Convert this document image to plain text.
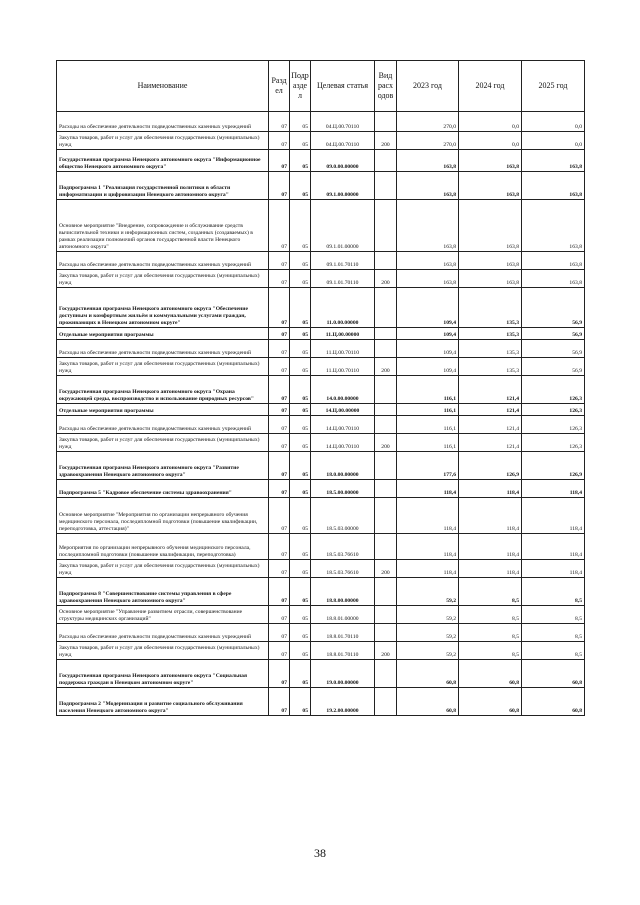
Наименование	Разд ел	Подр азде л	Целевая статья	Вид расх одов	2023 год	2024 год	2025 год
Расходы на обеспечение деятельности подведомственных казенных учреждений	07	05	04.Ц.00.70110		270,0	0,0	0,0
Закупка товаров, работ и услуг для обеспечения государственных (муниципальных) нужд	07	05	04.Ц.00.70110	200	270,0	0,0	0,0
Государственная программа Ненецкого автономного округа "Информационное общество Ненецкого автономного округа"	07	05	09.0.00.00000		163,8	163,8	163,8
Подпрограмма 1 "Реализация государственной политики в области информатизации и цифровизации Ненецкого автономного округа"	07	05	09.1.00.00000		163,8	163,8	163,8
Основное мероприятие "Внедрение, сопровождение и обслуживание средств вычислительной техники и информационных систем, созданных (создаваемых) в рамках реализации полномочий органов государственной власти Ненецкого автономного округа"	07	05	09.1.01.00000		163,8	163,8	163,8
Расходы на обеспечение деятельности подведомственных казенных учреждений	07	05	09.1.01.70110		163,8	163,8	163,8
Закупка товаров, работ и услуг для обеспечения государственных (муниципальных) нужд	07	05	09.1.01.70110	200	163,8	163,8	163,8
Государственная программа Ненецкого автономного округа "Обеспечение доступным и комфортным жильём и коммунальными услугами граждан, проживающих в Ненецком автономном округе"	07	05	11.0.00.00000		109,4	135,3	56,9
Отдельные мероприятия программы	07	05	11.Ц.00.00000		109,4	135,3	56,9
Расходы на обеспечение деятельности подведомственных казенных учреждений	07	05	11.Ц.00.70110		109,4	135,3	56,9
Закупка товаров, работ и услуг для обеспечения государственных (муниципальных) нужд	07	05	11.Ц.00.70110	200	109,4	135,3	56,9
Государственная программа Ненецкого автономного округа "Охрана окружающей среды, воспроизводство и использование природных ресурсов"	07	05	14.0.00.00000		116,1	121,4	126,3
Отдельные мероприятия программы	07	05	14.Ц.00.00000		116,1	121,4	126,3
Расходы на обеспечение деятельности подведомственных казенных учреждений	07	05	14.Ц.00.70110		116,1	121,4	126,3
Закупка товаров, работ и услуг для обеспечения государственных (муниципальных) нужд	07	05	14.Ц.00.70110	200	116,1	121,4	126,3
Государственная программа Ненецкого автономного округа "Развитие здравоохранения Ненецкого автономного округа"	07	05	18.0.00.00000		177,6	126,9	126,9
Подпрограмма 5 "Кадровое обеспечение системы здравоохранения"	07	05	18.5.00.00000		118,4	118,4	118,4
Основное мероприятие "Мероприятия по организации непрерывного обучения медицинского персонала, последипломной подготовки (повышение квалификации, переподготовка, аттестация)"	07	05	18.5.03.00000		118,4	118,4	118,4
Мероприятия по организации непрерывного обучения медицинского персонала, последипломной подготовки (повышение квалификации, переподготовка)	07	05	18.5.03.76610		118,4	118,4	118,4
Закупка товаров, работ и услуг для обеспечения государственных (муниципальных) нужд	07	05	18.5.03.76610	200	118,4	118,4	118,4
Подпрограмма 8 "Совершенствование системы управления в сфере здравоохранения Ненецкого автономного округа"	07	05	18.8.00.00000		59,2	8,5	8,5
Основное мероприятие "Управление развитием отрасли, совершенствование структуры медицинских организаций"	07	05	18.8.01.00000		59,2	8,5	8,5
Расходы на обеспечение деятельности подведомственных казенных учреждений	07	05	18.8.01.70110		59,2	8,5	8,5
Закупка товаров, работ и услуг для обеспечения государственных (муниципальных) нужд	07	05	18.8.01.70110	200	59,2	8,5	8,5
Государственная программа Ненецкого автономного округа "Социальная поддержка граждан в Ненецком автономном округе"	07	05	19.0.00.00000		60,8	60,8	60,8
Подпрограмма 2 "Модернизация и развитие социального обслуживания населения Ненецкого автономного округа"	07	05	19.2.00.00000		60,8	60,8	60,8
38
